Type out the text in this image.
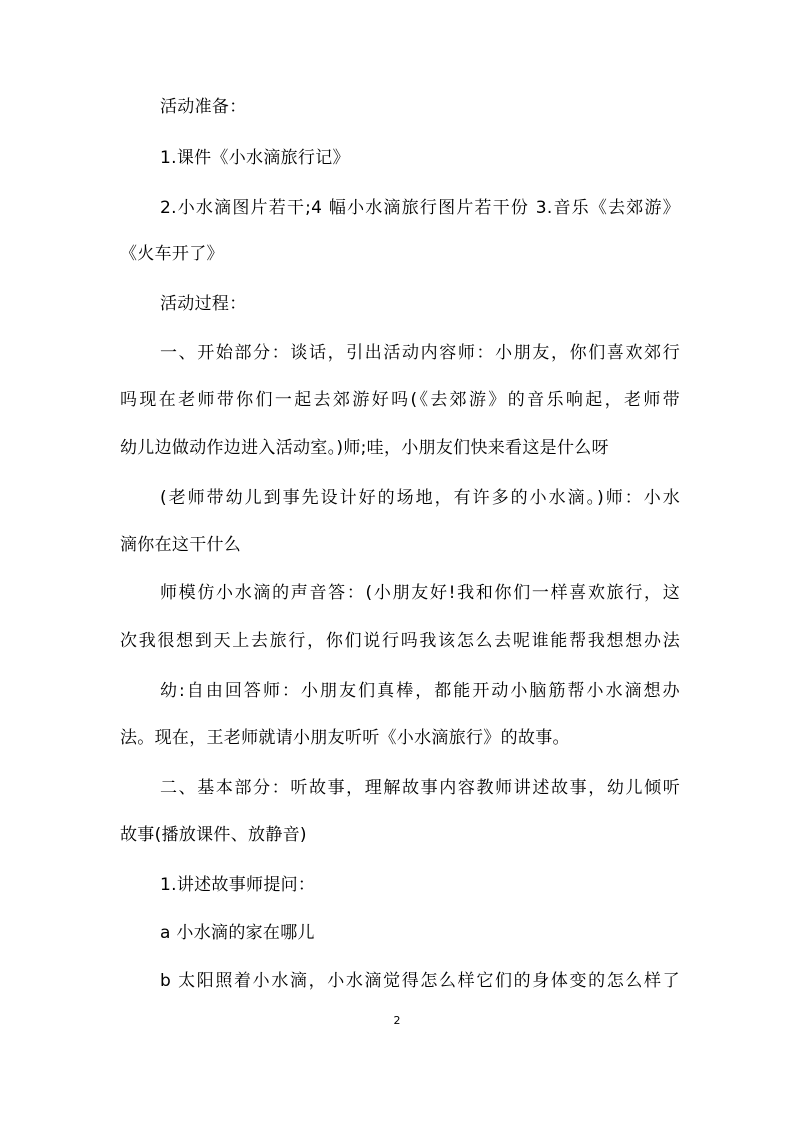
活动准备：
1.课件《小水滴旅行记》
2.小水滴图片若干;4 幅小水滴旅行图片若干份 3.音乐《去郊游》
《火车开了》
活动过程：
一、开始部分：谈话，引出活动内容师：小朋友，你们喜欢郊行
吗现在老师带你们一起去郊游好吗(《去郊游》的音乐响起，老师带
幼儿边做动作边进入活动室。)师;哇，小朋友们快来看这是什么呀
(老师带幼儿到事先设计好的场地，有许多的小水滴。)师：小水
滴你在这干什么
师模仿小水滴的声音答：(小朋友好!我和你们一样喜欢旅行，这
次我很想到天上去旅行，你们说行吗我该怎么去呢谁能帮我想想办法
幼:自由回答师：小朋友们真棒，都能开动小脑筋帮小水滴想办
法。现在，王老师就请小朋友听听《小水滴旅行》的故事。
二、基本部分：听故事，理解故事内容教师讲述故事，幼儿倾听
故事(播放课件、放静音)
1.讲述故事师提问：
a 小水滴的家在哪儿
b 太阳照着小水滴，小水滴觉得怎么样它们的身体变的怎么样了
2
